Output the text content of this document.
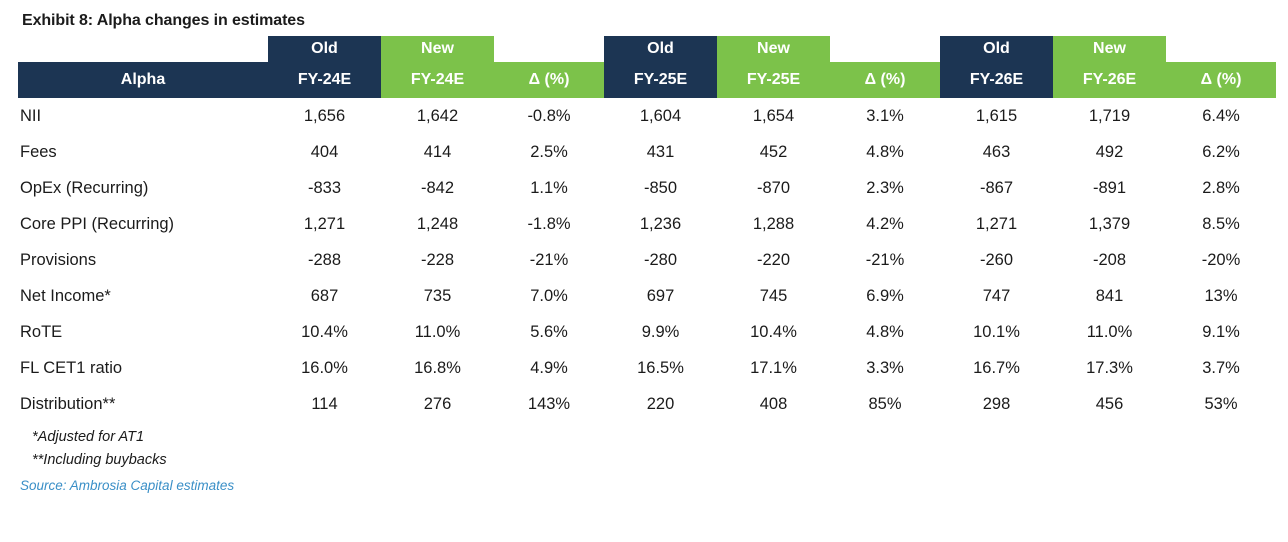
Exhibit 8: Alpha changes in estimates
	Old	New		Old	New		Old	New	
Alpha	FY-24E	FY-24E	Δ (%)	FY-25E	FY-25E	Δ (%)	FY-26E	FY-26E	Δ (%)
NII	1,656	1,642	-0.8%	1,604	1,654	3.1%	1,615	1,719	6.4%
Fees	404	414	2.5%	431	452	4.8%	463	492	6.2%
OpEx (Recurring)	-833	-842	1.1%	-850	-870	2.3%	-867	-891	2.8%
Core PPI (Recurring)	1,271	1,248	-1.8%	1,236	1,288	4.2%	1,271	1,379	8.5%
Provisions	-288	-228	-21%	-280	-220	-21%	-260	-208	-20%
Net Income*	687	735	7.0%	697	745	6.9%	747	841	13%
RoTE	10.4%	11.0%	5.6%	9.9%	10.4%	4.8%	10.1%	11.0%	9.1%
FL CET1 ratio	16.0%	16.8%	4.9%	16.5%	17.1%	3.3%	16.7%	17.3%	3.7%
Distribution**	114	276	143%	220	408	85%	298	456	53%
*Adjusted for AT1
**Including buybacks
Source: Ambrosia Capital estimates
